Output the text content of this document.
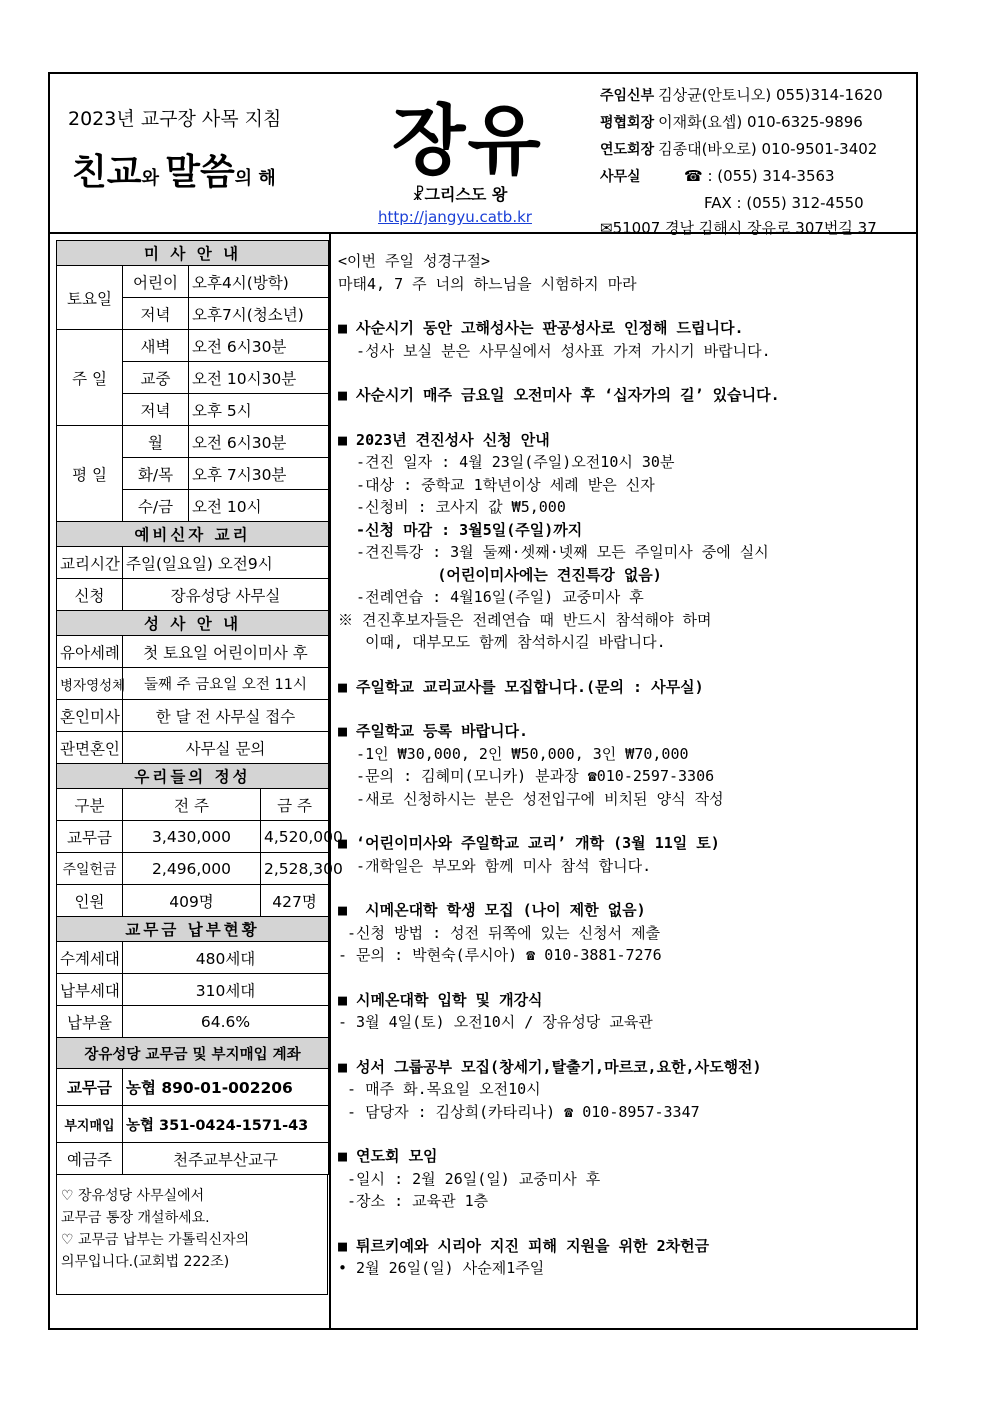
2023년 교구장 사목 지침
친교와 말씀의 해 장유
☧그리스도 왕
http://jangyu.catb.kr
주임신부 김상균(안토니오) 055)314-1620
평협회장 이재화(요셉) 010-6325-9896
연도회장 김종대(바오로) 010-9501-3402
사무실	☎ : (055) 314-3563
FAX : (055) 312-4550
✉51007 경남 김해시 장유로 307번길 37
미 사 안 내			
토요일	어린이	오후4시(방학)	
	저녁	오후7시(청소년)	
주 일	새벽	오전 6시30분	
	교중	오전 10시30분	
	저녁	오후 5시	
평 일	월	오전 6시30분	
	화/목	오후 7시30분	
	수/금	오전 10시	
예비신자 교리			
교리시간	주일(일요일) 오전9시		
신청	장유성당 사무실		
성 사 안 내			
유아세례	첫 토요일 어린이미사 후		
병자영성체	둘째 주 금요일 오전 11시		
혼인미사	한 달 전 사무실 접수		
관면혼인	사무실 문의		
우리들의 정성			
구분	전 주		금 주
교무금	3,430,000		4,520,000
주일헌금	2,496,000		2,528,300
인원	409명		427명
교무금 납부현황			
수계세대	480세대		
납부세대	310세대		
납부율	64.6%		
장유성당 교무금 및 부지매입 계좌			
교무금	농협 890-01-002206		
부지매입	농협 351-0424-1571-43		
예금주	천주교부산교구		
♡ 장유성당 사무실에서
교무금 통장 개설하세요.
♡ 교무금 납부는 가톨릭신자의
의무입니다.(교회법 222조)
<이번 주일 성경구절>
마태4, 7 주 너의 하느님을 시험하지 마라
■ 사순시기 동안 고해성사는 판공성사로 인정해 드립니다.
-성사 보실 분은 사무실에서 성사표 가져 가시기 바랍니다.
■ 사순시기 매주 금요일 오전미사 후 ‘십자가의 길’ 있습니다.
■ 2023년 견진성사 신청 안내
-견진 일자 : 4월 23일(주일)오전10시 30분
-대상 : 중학교 1학년이상 세례 받은 신자
-신청비 : 코사지 값 ₩5,000
-신청 마감 : 3월5일(주일)까지
-견진특강 : 3월 둘째·셋째·넷째 모든 주일미사 중에 실시
(어린이미사에는 견진특강 없음)
-전례연습 : 4월16일(주일) 교중미사 후
※ 견진후보자들은 전례연습 때 반드시 참석해야 하며
이때, 대부모도 함께 참석하시길 바랍니다.
■ 주일학교 교리교사를 모집합니다.(문의 : 사무실)
■ 주일학교 등록 바랍니다.
-1인 ₩30,000, 2인 ₩50,000, 3인 ₩70,000
-문의 : 김혜미(모니카) 분과장 ☎010-2597-3306
-새로 신청하시는 분은 성전입구에 비치된 양식 작성
■ ‘어린이미사와 주일학교 교리’ 개학 (3월 11일 토)
-개학일은 부모와 함께 미사 참석 합니다.
■  시메온대학 학생 모집 (나이 제한 없음)
-신청 방법 : 성전 뒤쪽에 있는 신청서 제출
- 문의 : 박현숙(루시아) ☎ 010-3881-7276
■ 시메온대학 입학 및 개강식
- 3월 4일(토) 오전10시 / 장유성당 교육관
■ 성서 그룹공부 모집(창세기,탈출기,마르코,요한,사도행전)
- 매주 화.목요일 오전10시
- 담당자 : 김상희(카타리나) ☎ 010-8957-3347
■ 연도회 모임
-일시 : 2월 26일(일) 교중미사 후
-장소 : 교육관 1층
■ 튀르키예와 시리아 지진 피해 지원을 위한 2차헌금
• 2월 26일(일) 사순제1주일
